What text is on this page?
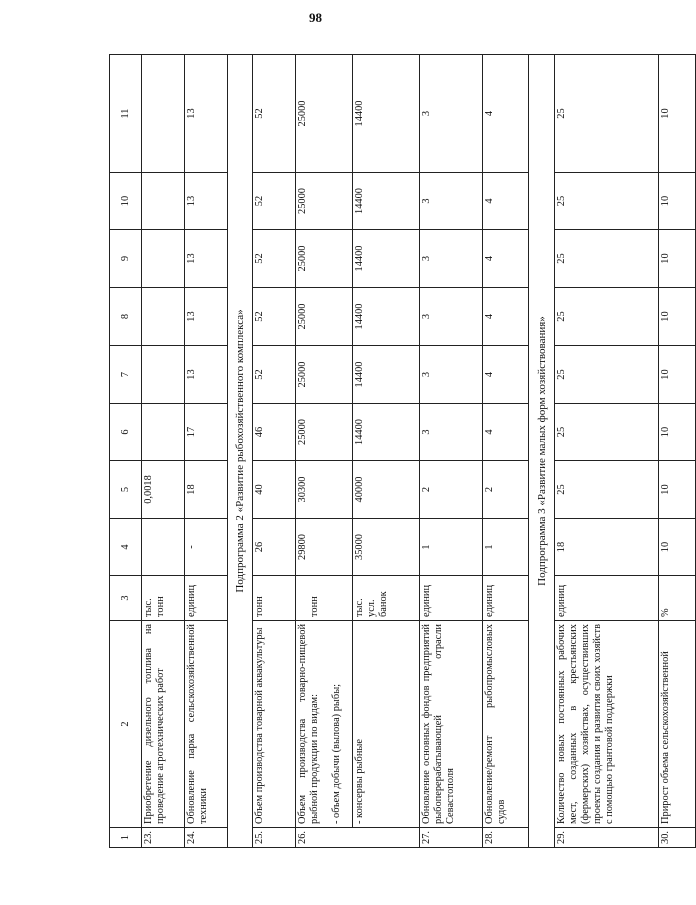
98
1	2	3	4	5	6	7	8	9	10	11
23.	Приобретение дизельного топлива на проведение агротехнических работ	тыс. тонн		0,0018						
24.	Обновление парка сельскохозяйственной техники	единиц	-	18	17	13	13	13	13	13
Подпрограмма 2 «Развитие рыбохозяйственного комплекса»										
25.	Объем производства товарной аквакультуры	тонн	26	40	46	52	52	52	52	52
26.	Объем производства товарно-пищевой рыбной продукции по видам: - объем добычи (вылова) рыбы;	тонн	29800	30300	25000	25000	25000	25000	25000	25000
	- консервы рыбные	тыс. усл. банок	35000	40000	14400	14400	14400	14400	14400	14400
27.	Обновление основных фондов предприятий рыбоперерабатывающей отрасли Севастополя	единиц	1	2	3	3	3	3	3	3
28.	Обновление/ремонт рыбопромысловых судов	единиц	1	2	4	4	4	4	4	4
Подпрограмма 3 «Развитие малых форм хозяйствования»										
29.	Количество новых постоянных рабочих мест, созданных в крестьянских (фермерских) хозяйствах, осуществивших проекты создания и развития своих хозяйств с помощью грантовой поддержки	единиц	18	25	25	25	25	25	25	25
30.	Прирост объема сельскохозяйственной	%	10	10	10	10	10	10	10	10
